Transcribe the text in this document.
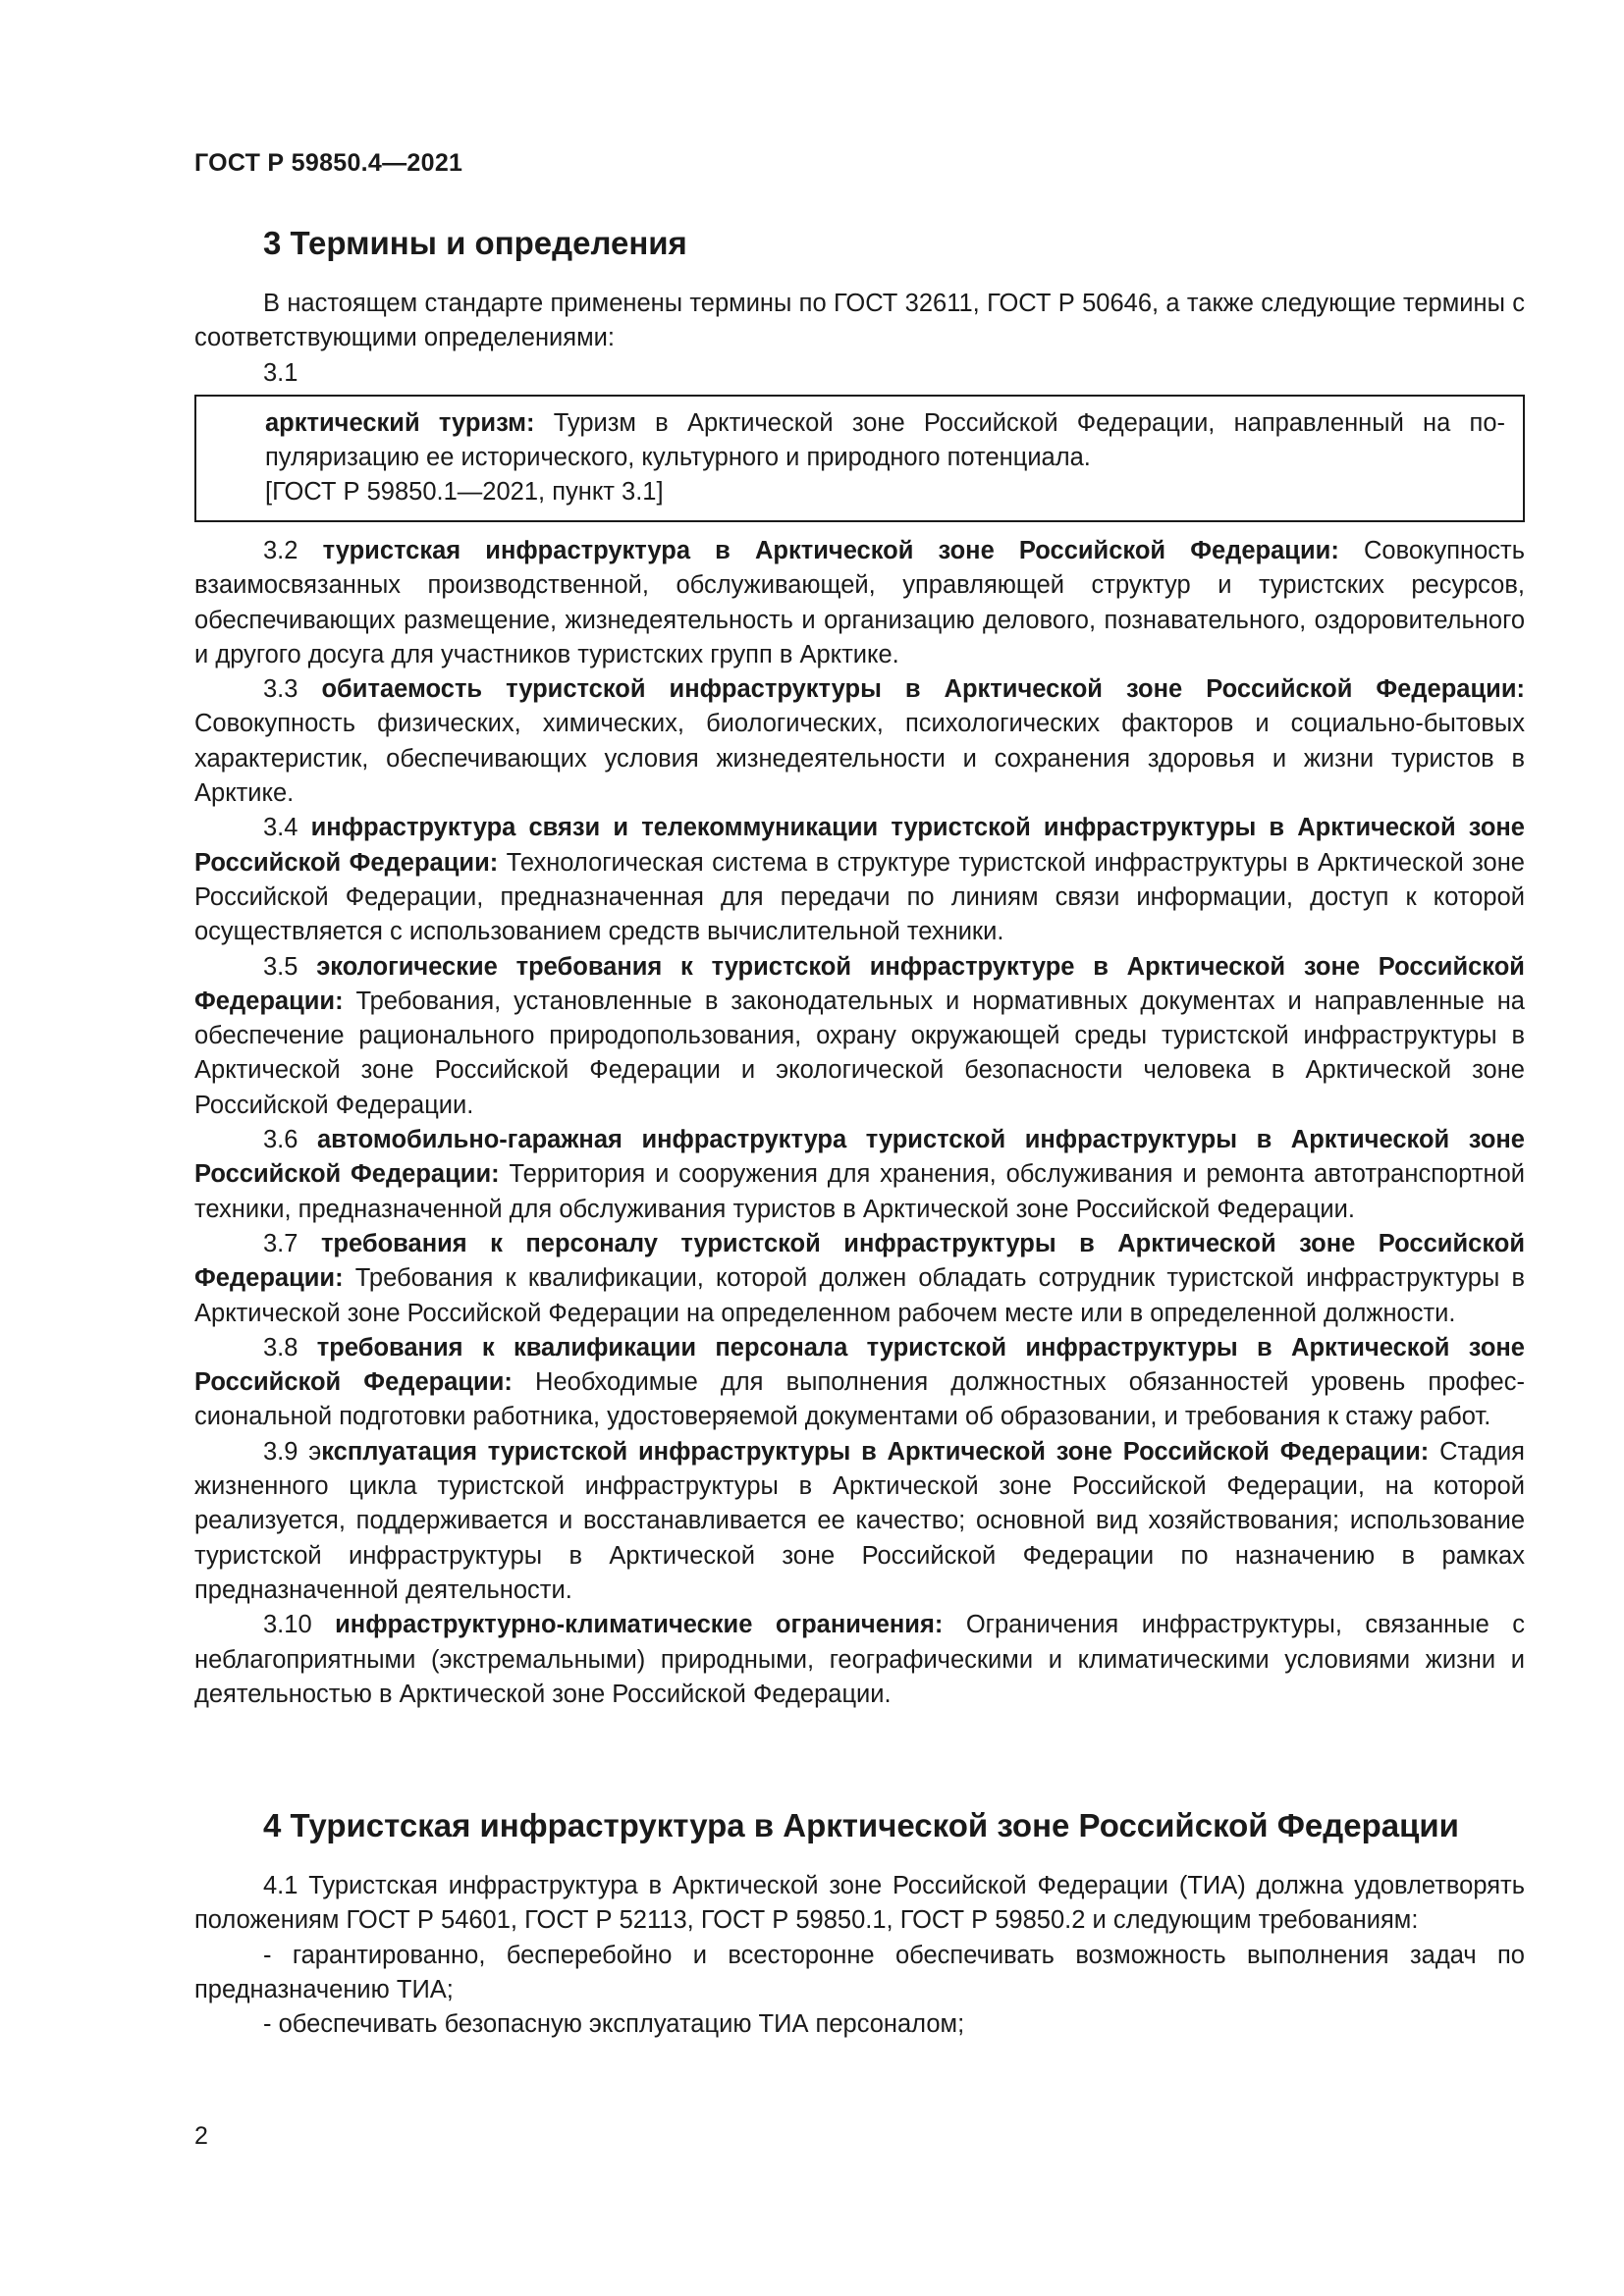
ГОСТ Р 59850.4—2021
3 Термины и определения

В настоящем стандарте применены термины по ГОСТ 32611, ГОСТ Р 50646, а также следующие термины с соответствующими определениями:

3.1

арктический туризм: Туризм в Арктической зоне Российской Федерации, направленный на по-пуляризацию ее исторического, культурного и природного потенциала.

[ГОСТ Р 59850.1—2021, пункт 3.1]

3.2 туристская инфраструктура в Арктической зоне Российской Федерации: Совокупность взаимосвязанных производственной, обслуживающей, управляющей структур и туристских ресурсов, обеспечивающих размещение, жизнедеятельность и организацию делового, познавательного, оздоровительного и другого досуга для участников туристских групп в Арктике.

3.3 обитаемость туристской инфраструктуры в Арктической зоне Российской Федерации: Совокупность физических, химических, биологических, психологических факторов и социально-бытовых характеристик, обеспечивающих условия жизнедеятельности и сохранения здоровья и жизни туристов в Арктике.

3.4 инфраструктура связи и телекоммуникации туристской инфраструктуры в Арктической зоне Российской Федерации: Технологическая система в структуре туристской инфраструктуры в Арктической зоне Российской Федерации, предназначенная для передачи по линиям связи информации, доступ к которой осуществляется с использованием средств вычислительной техники.

3.5 экологические требования к туристской инфраструктуре в Арктической зоне Российской Федерации: Требования, установленные в законодательных и нормативных документах и направленные на обеспечение рационального природопользования, охрану окружающей среды туристской инфраструктуры в Арктической зоне Российской Федерации и экологической безопасности человека в Арктической зоне Российской Федерации.

3.6 автомобильно-гаражная инфраструктура туристской инфраструктуры в Арктической зоне Российской Федерации: Территория и сооружения для хранения, обслуживания и ремонта автотранспортной техники, предназначенной для обслуживания туристов в Арктической зоне Российской Федерации.

3.7 требования к персоналу туристской инфраструктуры в Арктической зоне Российской Федерации: Требования к квалификации, которой должен обладать сотрудник туристской инфраструктуры в Арктической зоне Российской Федерации на определенном рабочем месте или в определенной должности.

3.8 требования к квалификации персонала туристской инфраструктуры в Арктической зоне Российской Федерации: Необходимые для выполнения должностных обязанностей уровень профессиональной подготовки работника, удостоверяемой документами об образовании, и требования к стажу работ.

3.9 эксплуатация туристской инфраструктуры в Арктической зоне Российской Федерации: Стадия жизненного цикла туристской инфраструктуры в Арктической зоне Российской Федерации, на которой реализуется, поддерживается и восстанавливается ее качество; основной вид хозяйствования; использование туристской инфраструктуры в Арктической зоне Российской Федерации по назначению в рамках предназначенной деятельности.

3.10 инфраструктурно-климатические ограничения: Ограничения инфраструктуры, связанные с неблагоприятными (экстремальными) природными, географическими и климатическими условиями жизни и деятельностью в Арктической зоне Российской Федерации.

4 Туристская инфраструктура в Арктической зоне Российской Федерации

4.1 Туристская инфраструктура в Арктической зоне Российской Федерации (ТИА) должна удовлетворять положениям ГОСТ Р 54601, ГОСТ Р 52113, ГОСТ Р 59850.1, ГОСТ Р 59850.2 и следующим требованиям:

- гарантированно, бесперебойно и всесторонне обеспечивать возможность выполнения задач по предназначению ТИА;

- обеспечивать безопасную эксплуатацию ТИА персоналом;

2
